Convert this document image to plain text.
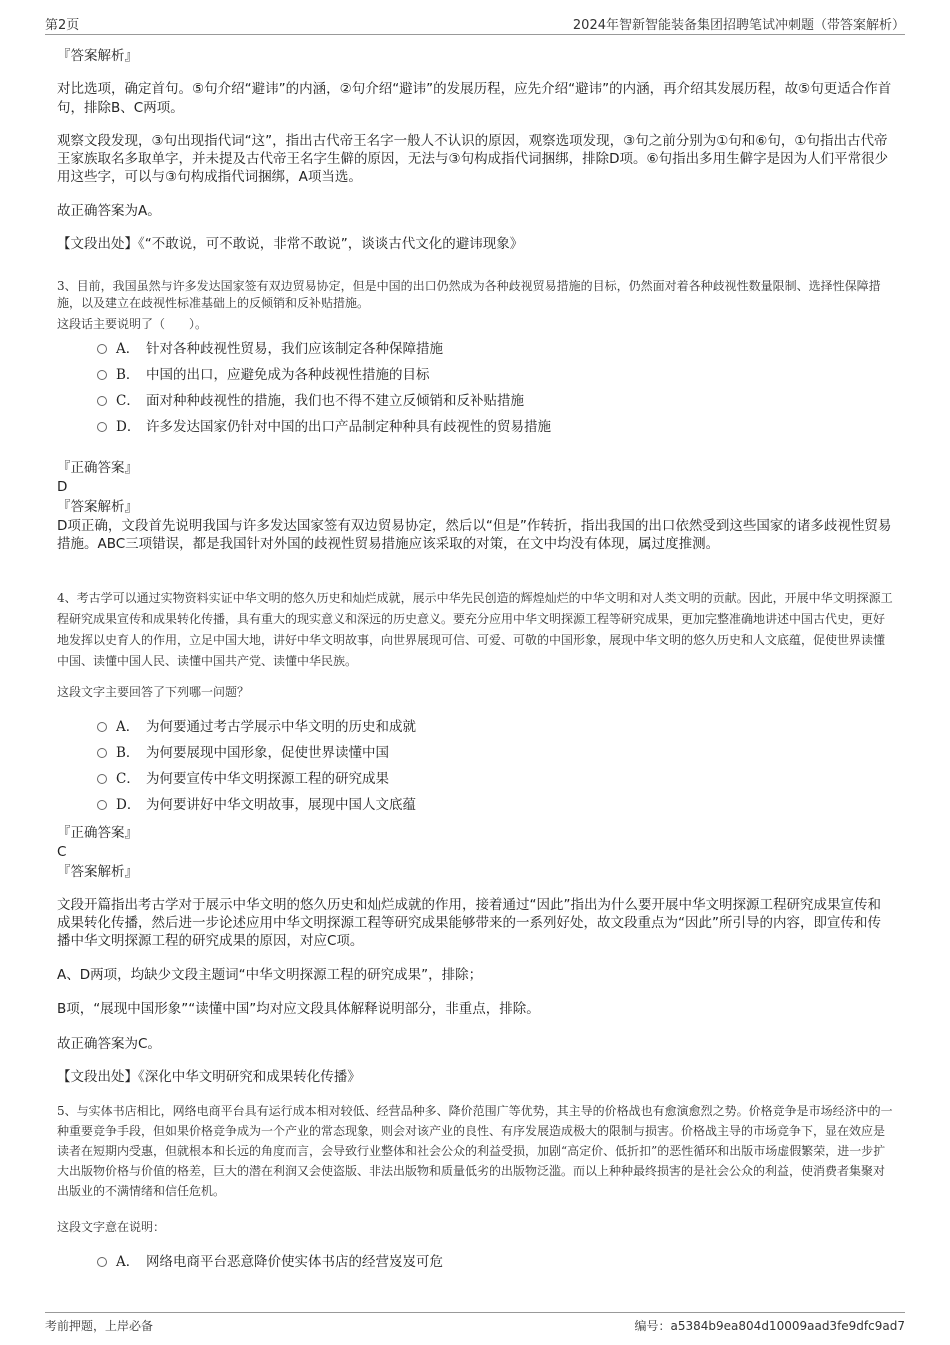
第2页	2024年智新智能装备集团招聘笔试冲刺题（带答案解析）
『答案解析』
对比选项，确定首句。⑤句介绍“避讳”的内涵，②句介绍“避讳”的发展历程，应先介绍“避讳”的内涵，再介绍其发展历程，故⑤句更适合作首句，排除B、C两项。
观察文段发现，③句出现指代词“这”，指出古代帝王名字一般人不认识的原因，观察选项发现，③句之前分别为①句和⑥句，①句指出古代帝王家族取名多取单字，并未提及古代帝王名字生僻的原因，无法与③句构成指代词捆绑，排除D项。⑥句指出多用生僻字是因为人们平常很少用这些字，可以与③句构成指代词捆绑，A项当选。
故正确答案为A。
【文段出处】《“不敢说，可不敢说，非常不敢说”，谈谈古代文化的避讳现象》
3、目前，我国虽然与许多发达国家签有双边贸易协定，但是中国的出口仍然成为各种歧视贸易措施的目标，仍然面对着各种歧视性数量限制、选择性保障措施，以及建立在歧视性标准基础上的反倾销和反补贴措施。
这段话主要说明了（　　）。
A． 针对各种歧视性贸易，我们应该制定各种保障措施
B． 中国的出口，应避免成为各种歧视性措施的目标
C． 面对种种歧视性的措施，我们也不得不建立反倾销和反补贴措施
D． 许多发达国家仍针对中国的出口产品制定种种具有歧视性的贸易措施
『正确答案』
D
『答案解析』
D项正确，文段首先说明我国与许多发达国家签有双边贸易协定，然后以“但是”作转折，指出我国的出口依然受到这些国家的诸多歧视性贸易措施。ABC三项错误，都是我国针对外国的歧视性贸易措施应该采取的对策，在文中均没有体现，属过度推测。
4、考古学可以通过实物资料实证中华文明的悠久历史和灿烂成就，展示中华先民创造的辉煌灿烂的中华文明和对人类文明的贡献。因此，开展中华文明探源工程研究成果宣传和成果转化传播，具有重大的现实意义和深远的历史意义。要充分应用中华文明探源工程等研究成果，更加完整准确地讲述中国古代史，更好地发挥以史育人的作用，立足中国大地，讲好中华文明故事，向世界展现可信、可爱、可敬的中国形象，展现中华文明的悠久历史和人文底蕴，促使世界读懂中国、读懂中国人民、读懂中国共产党、读懂中华民族。
这段文字主要回答了下列哪一问题？
A． 为何要通过考古学展示中华文明的历史和成就
B． 为何要展现中国形象，促使世界读懂中国
C． 为何要宣传中华文明探源工程的研究成果
D． 为何要讲好中华文明故事，展现中国人文底蕴
『正确答案』
C
『答案解析』
文段开篇指出考古学对于展示中华文明的悠久历史和灿烂成就的作用，接着通过“因此”指出为什么要开展中华文明探源工程研究成果宣传和成果转化传播，然后进一步论述应用中华文明探源工程等研究成果能够带来的一系列好处，故文段重点为“因此”所引导的内容，即宣传和传播中华文明探源工程的研究成果的原因，对应C项。
A、D两项，均缺少文段主题词“中华文明探源工程的研究成果”，排除；
B项，“展现中国形象”“读懂中国”均对应文段具体解释说明部分，非重点，排除。
故正确答案为C。
【文段出处】《深化中华文明研究和成果转化传播》
5、与实体书店相比，网络电商平台具有运行成本相对较低、经营品种多、降价范围广等优势，其主导的价格战也有愈演愈烈之势。价格竞争是市场经济中的一种重要竞争手段，但如果价格竞争成为一个产业的常态现象，则会对该产业的良性、有序发展造成极大的限制与损害。价格战主导的市场竞争下，显在效应是读者在短期内受惠，但就根本和长远的角度而言，会导致行业整体和社会公众的利益受损，加剧“高定价、低折扣”的恶性循环和出版市场虚假繁荣，进一步扩大出版物价格与价值的格差，巨大的潜在利润又会使盗版、非法出版物和质量低劣的出版物泛滥。而以上种种最终损害的是社会公众的利益，使消费者集聚对出版业的不满情绪和信任危机。
这段文字意在说明：
A． 网络电商平台恶意降价使实体书店的经营岌岌可危
考前押题，上岸必备	编号：a5384b9ea804d10009aad3fe9dfc9ad7
